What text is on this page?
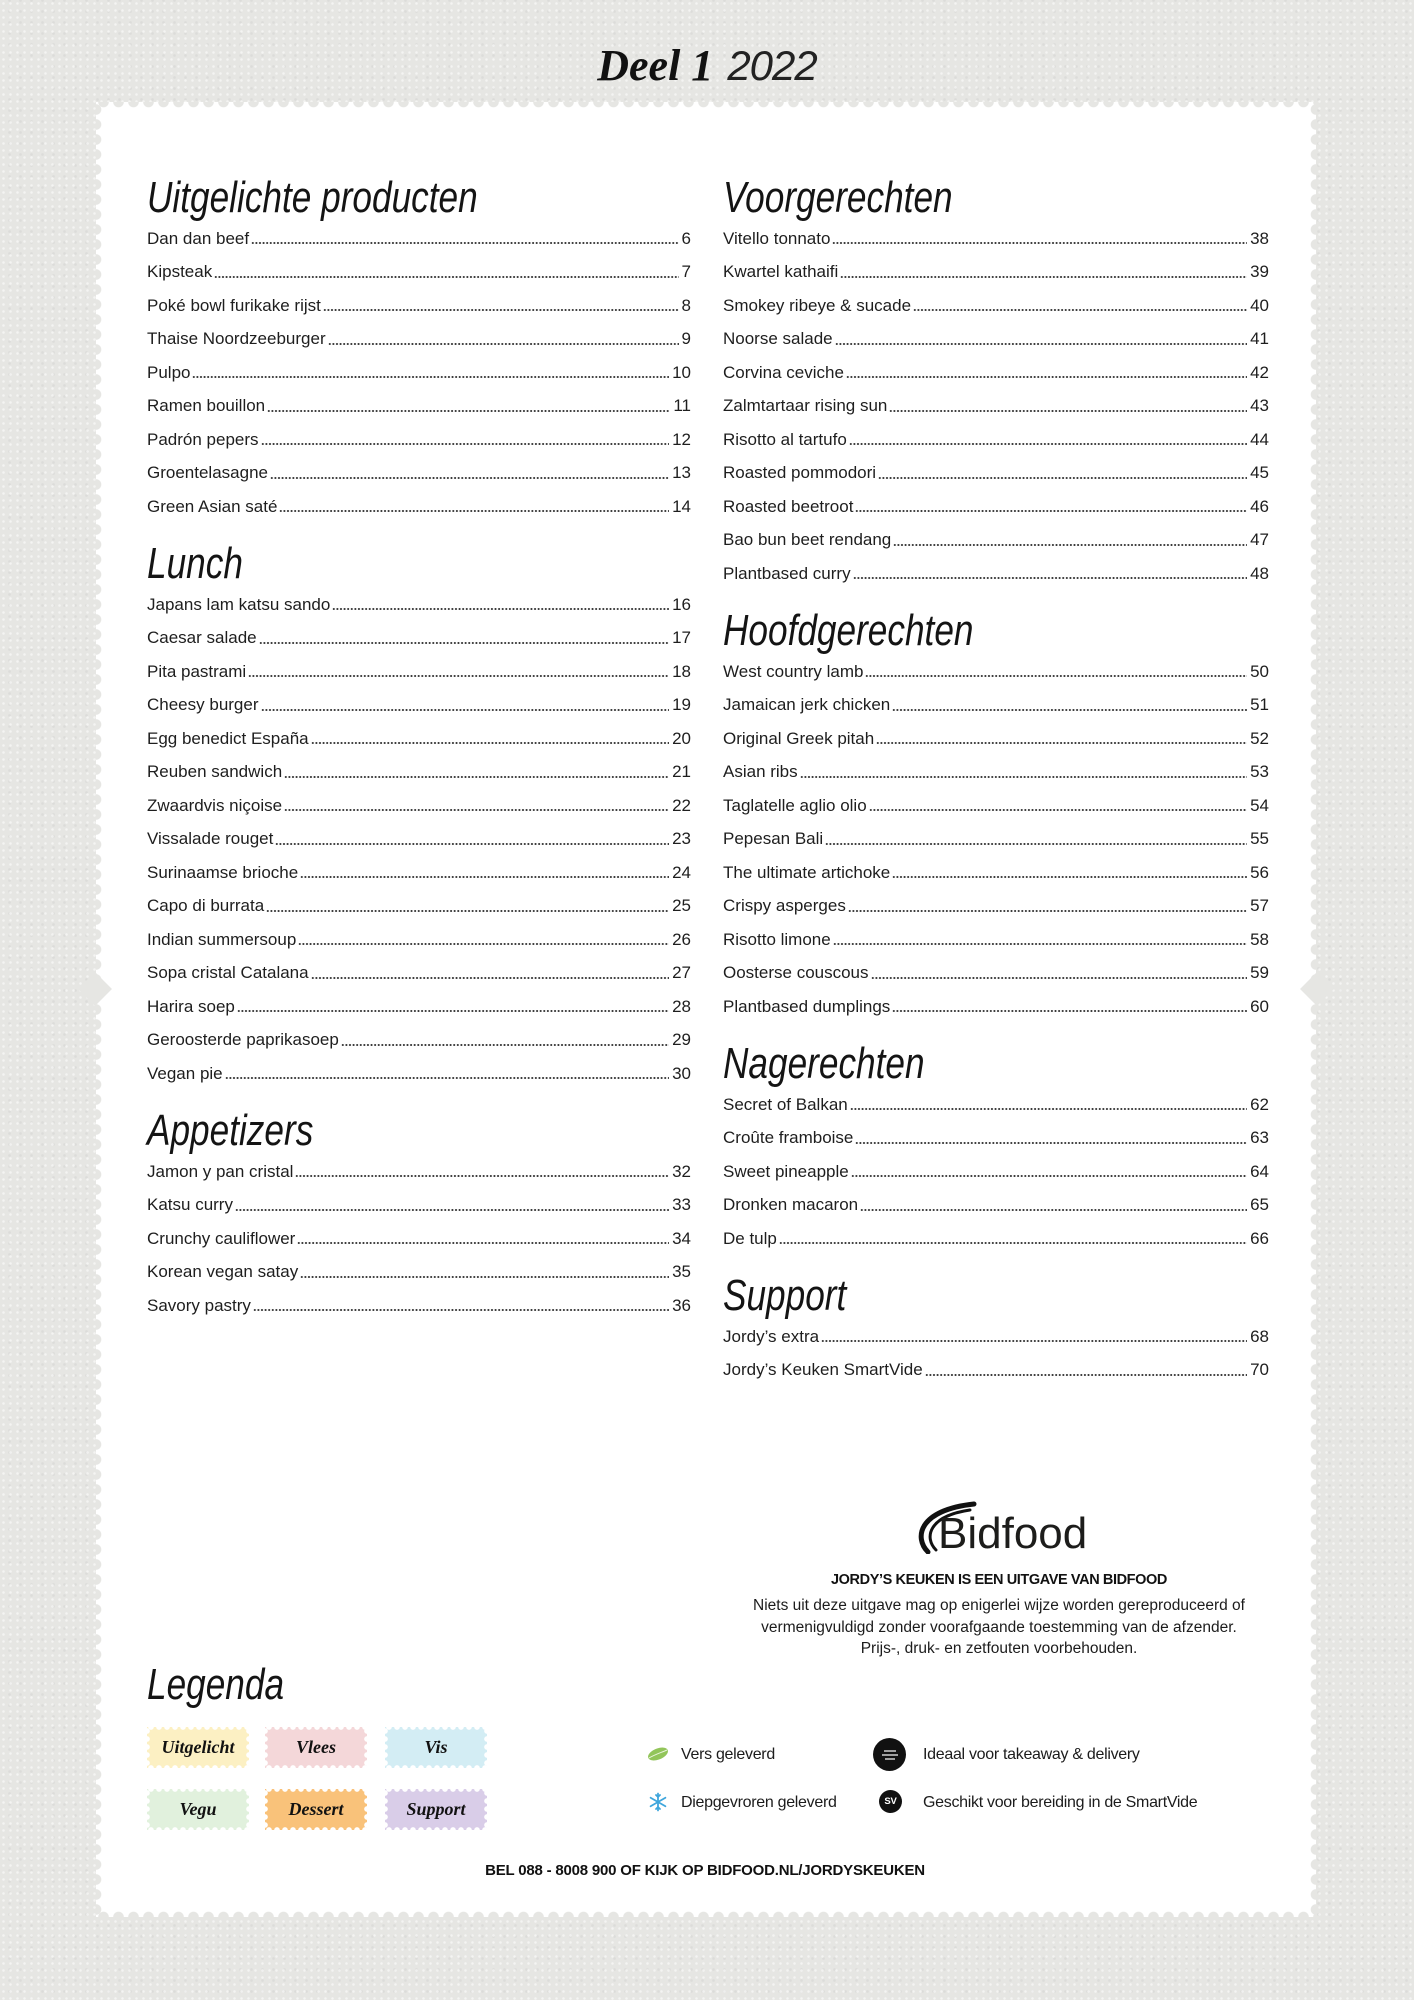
Deel 1 2022
Uitgelichte producten
Dan dan beef	6
Kipsteak	7
Poké bowl furikake rijst	8
Thaise Noordzeeburger	9
Pulpo	10
Ramen bouillon	11
Padrón pepers	12
Groentelasagne	13
Green Asian saté	14
Lunch
Japans lam katsu sando	16
Caesar salade	17
Pita pastrami	18
Cheesy burger	19
Egg benedict España	20
Reuben sandwich	21
Zwaardvis niçoise	22
Vissalade rouget	23
Surinaamse brioche	24
Capo di burrata	25
Indian summersoup	26
Sopa cristal Catalana	27
Harira soep	28
Geroosterde paprikasoep	29
Vegan pie	30
Appetizers
Jamon y pan cristal	32
Katsu curry	33
Crunchy cauliflower	34
Korean vegan satay	35
Savory pastry	36
Voorgerechten
Vitello tonnato	38
Kwartel kathaifi	39
Smokey ribeye & sucade	40
Noorse salade	41
Corvina ceviche	42
Zalmtartaar rising sun	43
Risotto al tartufo	44
Roasted pommodori	45
Roasted beetroot	46
Bao bun beet rendang	47
Plantbased curry	48
Hoofdgerechten
West country lamb	50
Jamaican jerk chicken	51
Original Greek pitah	52
Asian ribs	53
Taglatelle aglio olio	54
Pepesan Bali	55
The ultimate artichoke	56
Crispy asperges	57
Risotto limone	58
Oosterse couscous	59
Plantbased dumplings	60
Nagerechten
Secret of Balkan	62
Croûte framboise	63
Sweet pineapple	64
Dronken macaron	65
De tulp	66
Support
Jordy’s extra	68
Jordy’s Keuken SmartVide	70
Bidfood
JORDY’S KEUKEN IS EEN UITGAVE VAN BIDFOOD
Niets uit deze uitgave mag op enigerlei wijze worden gereproduceerd of
vermenigvuldigd zonder voorafgaande toestemming van de afzender.
Prijs-, druk- en zetfouten voorbehouden.
Legenda
Uitgelicht	Vlees	Vis
Vegu	Dessert	Support
Vers geleverd
Diepgevroren geleverd
Ideaal voor takeaway & delivery
SV Geschikt voor bereiding in de SmartVide
BEL 088 - 8008 900 OF KIJK OP BIDFOOD.NL/JORDYSKEUKEN
